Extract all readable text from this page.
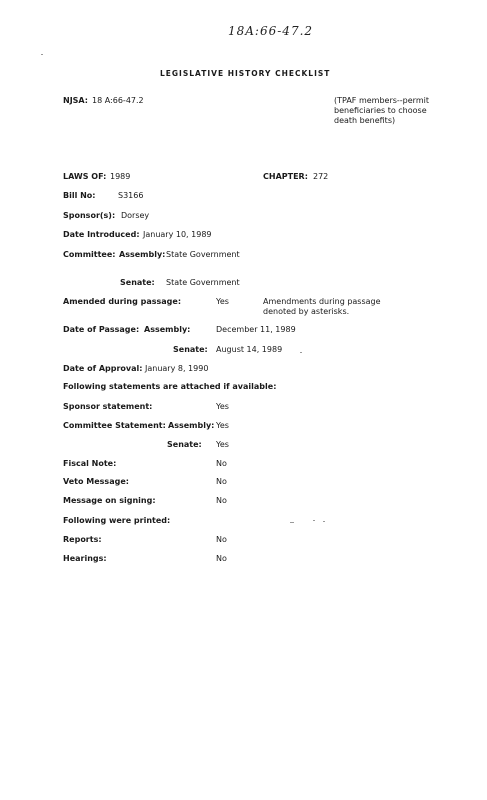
18A:66-47.2
LEGISLATIVE HISTORY CHECKLIST
NJSA: 18 A:66-47.2	(TPAF members--permit beneficiaries to choose death benefits)
LAWS OF: 1989	CHAPTER: 272
Bill No:	S3166
Sponsor(s): Dorsey
Date Introduced: January 10, 1989
Committee: Assembly: State Government
Senate: State Government
Amended during passage:	Yes	Amendments during passage denoted by asterisks.
Date of Passage: Assembly:	December 11, 1989
Senate: August 14, 1989
Date of Approval: January 8, 1990
Following statements are attached if available:
Sponsor statement:	Yes
Committee Statement: Assembly: Yes
Senate: Yes
Fiscal Note:	No
Veto Message:	No
Message on signing:	No
Following were printed:
Reports:	No
Hearings:	No
